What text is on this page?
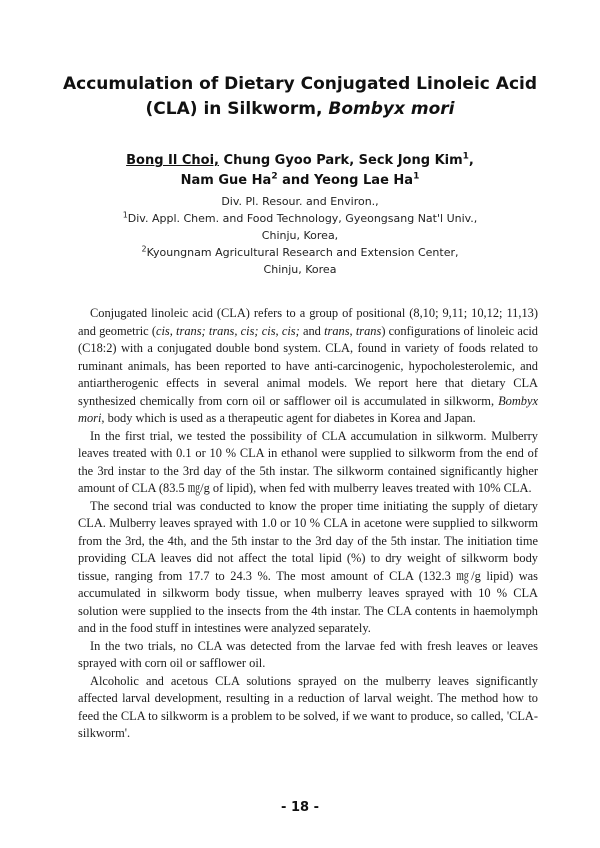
Accumulation of Dietary Conjugated Linoleic Acid
(CLA) in Silkworm, Bombyx mori
Bong Il Choi, Chung Gyoo Park, Seck Jong Kim$^1$,
Nam Gue Ha$^2$ and Yeong Lae Ha$^1$
Div. Pl. Resour. and Environ.,
$^1$Div. Appl. Chem. and Food Technology, Gyeongsang Nat'l Univ.,
Chinju, Korea,
$^2$Kyoungnam Agricultural Research and Extension Center,
Chinju, Korea

Conjugated linoleic acid (CLA) refers to a group of positional (8,10; 9,11; 10,12; 11,13) and geometric (cis, trans; trans, cis; cis, cis; and trans, trans) configurations of linoleic acid (C18:2) with a conjugated double bond system. CLA, found in variety of foods related to ruminant animals, has been reported to have anti-carcinogenic, hypocholesterolemic, and antiartherogenic effects in several animal models. We report here that dietary CLA synthesized chemically from corn oil or safflower oil is accumulated in silkworm, Bombyx mori, body which is used as a therapeutic agent for diabetes in Korea and Japan.

In the first trial, we tested the possibility of CLA accumulation in silkworm. Mulberry leaves treated with 0.1 or 10 % CLA in ethanol were supplied to silkworm from the end of the 3rd instar to the 3rd day of the 5th instar. The silkworm contained significantly higher amount of CLA (83.5 ㎎/g of lipid), when fed with mulberry leaves treated with 10% CLA.

The second trial was conducted to know the proper time initiating the supply of dietary CLA. Mulberry leaves sprayed with 1.0 or 10 % CLA in acetone were supplied to silkworm from the 3rd, the 4th, and the 5th instar to the 3rd day of the 5th instar. The initiation time providing CLA leaves did not affect the total lipid (%) to dry weight of silkworm body tissue, ranging from 17.7 to 24.3 %. The most amount of CLA (132.3 ㎎/g lipid) was accumulated in silkworm body tissue, when mulberry leaves sprayed with 10 % CLA solution were supplied to the insects from the 4th instar. The CLA contents in haemolymph and in the food stuff in intestines were analyzed separately.

In the two trials, no CLA was detected from the larvae fed with fresh leaves or leaves sprayed with corn oil or safflower oil.

Alcoholic and acetous CLA solutions sprayed on the mulberry leaves significantly affected larval development, resulting in a reduction of larval weight. The method how to feed the CLA to silkworm is a problem to be solved, if we want to produce, so called, 'CLA-silkworm'.

- 18 -
